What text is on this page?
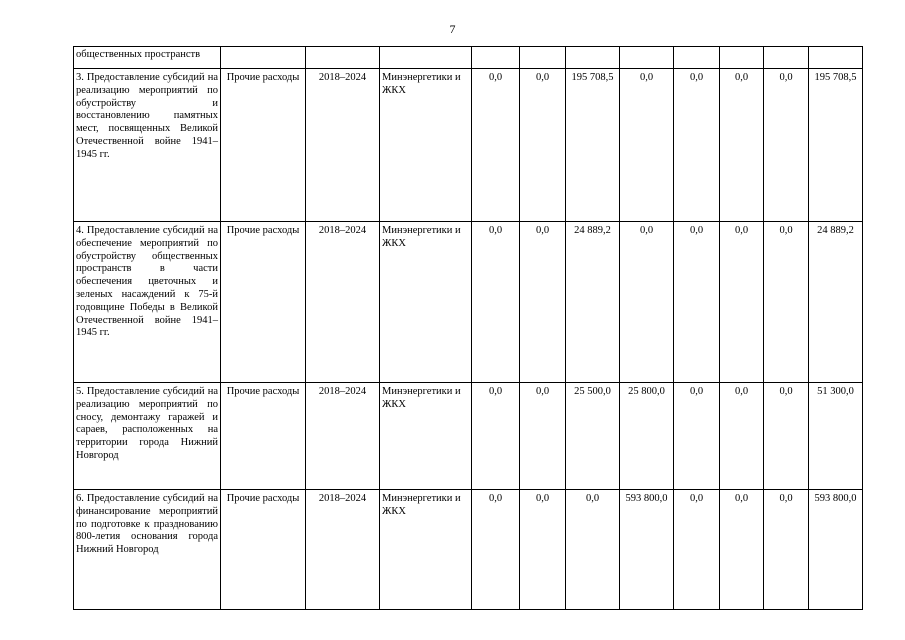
7
общественных пространств											
3. Предоставление субсидий на реализацию мероприятий по обустройству и восстановлению памятных мест, посвященных Великой Отечественной войне 1941–1945 гг.	Прочие расходы	2018–2024	Минэнергетики и ЖКХ	0,0	0,0	195 708,5	0,0	0,0	0,0	0,0	195 708,5
4. Предоставление субсидий на обеспечение мероприятий по обустройству общественных пространств в части обеспечения цветочных и зеленых насаждений к 75-й годовщине Победы в Великой Отечественной войне 1941–1945 гг.	Прочие расходы	2018–2024	Минэнергетики и ЖКХ	0,0	0,0	24 889,2	0,0	0,0	0,0	0,0	24 889,2
5. Предоставление субсидий на реализацию мероприятий по сносу, демонтажу гаражей и сараев, расположенных на территории города Нижний Новгород	Прочие расходы	2018–2024	Минэнергетики и ЖКХ	0,0	0,0	25 500,0	25 800,0	0,0	0,0	0,0	51 300,0
6. Предоставление субсидий на финансирование мероприятий по подготовке к празднованию 800-летия основания города Нижний Новгород	Прочие расходы	2018–2024	Минэнергетики и ЖКХ	0,0	0,0	0,0	593 800,0	0,0	0,0	0,0	593 800,0
